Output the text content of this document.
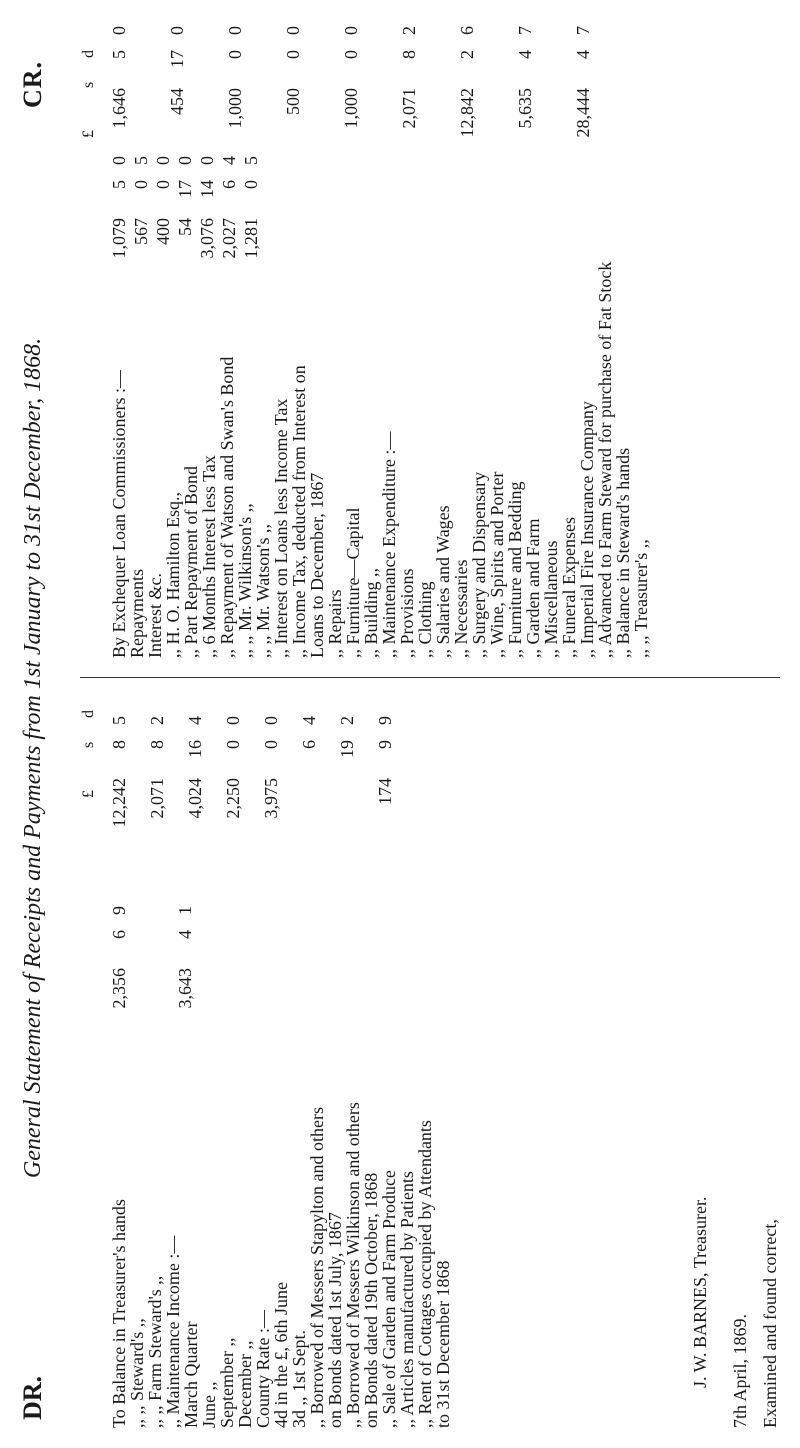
DR.
General Statement of Receipts and Payments from 1st January to 31st December, 1868.
CR.
£
s
d
£
s
d
To Balance in Treasurer's hands
,, ,, Steward's ,,
,, ,, Farm Steward's ,,
,, Maintenance Income :—
March Quarter
June ,,
September ,,
December ,,
County Rate :—
4d in the £, 6th June
3d ,, 1st Sept.
,, Borrowed of Messers Stapylton and others
on Bonds dated 1st July, 1867
,, Borrowed of Messers Wilkinson and others
on Bonds dated 19th October, 1868
,, Sale of Garden and Farm Produce
,, Articles manufactured by Patients
,, Rent of Cottages occupied by Attendants
to 31st December 1868
2,356
6
9
3,643
4
1
12,242
8
5
2,071
8
2
4,024
16
4
2,250
0
0
3,975
0
0
6
4
19
2
174
9
9
By Exchequer Loan Commissioners :—
Repayments
Interest &c.
,, H. O. Hamilton Esq.,
,, Part Repayment of Bond
,, 6 Months Interest less Tax
,, Repayment of Watson and Swan's Bond
,, ,, Mr. Wilkinson's ,,
,, ,, Mr. Watson's ,,
,, Interest on Loans less Income Tax
,, Income Tax, deducted from Interest on
Loans to December, 1867
,, Repairs
,, Furniture—Capital
,, Building ,,
,, Maintenance Expenditure :—
,, Provisions
,, Clothing
,, Salaries and Wages
,, Necessaries
,, Surgery and Dispensary
,, Wine, Spirits and Porter
,, Furniture and Bedding
,, Garden and Farm
,, Miscellaneous
,, Funeral Expenses
,, Imperial Fire Insurance Company
,, Advanced to Farm Steward for purchase of Fat Stock
,, Balance in Steward's hands
,, ,, Treasurer's ,,
1,079
5
0
567
0
5
400
0
0
54
17
0
3,076
14
0
2,027
6
4
1,281
0
5
1,646
5
0
454
17
0
1,000
0
0
500
0
0
1,000
0
0
2,071
8
2
12,842
2
6
5,635
4
7
28,444
4
7
J. W. BARNES, Treasurer. 7th April, 1869. Examined and found correct,
